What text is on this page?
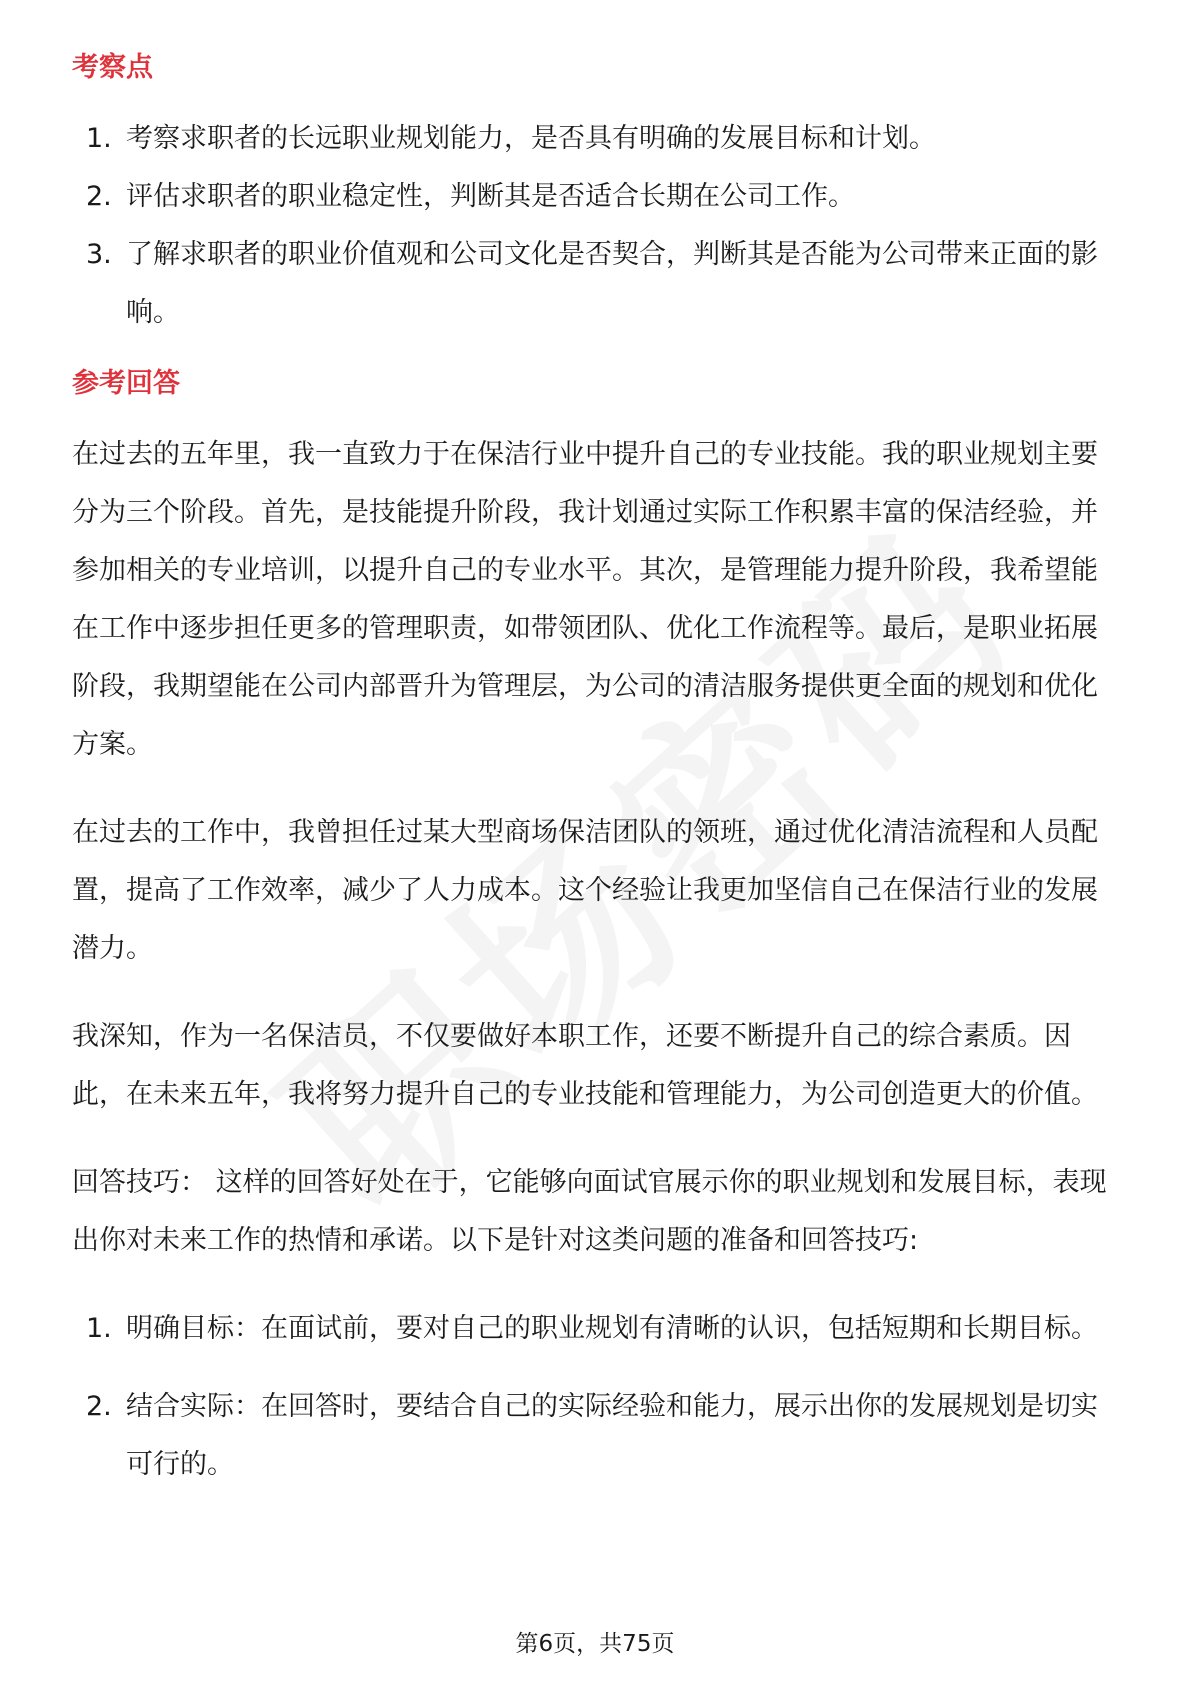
考察点
1. 考察求职者的长远职业规划能力，是否具有明确的发展目标和计划。
2. 评估求职者的职业稳定性，判断其是否适合长期在公司工作。
3. 了解求职者的职业价值观和公司文化是否契合，判断其是否能为公司带来正面的影响。
参考回答

在过去的五年里，我一直致力于在保洁行业中提升自己的专业技能。我的职业规划主要分为三个阶段。首先，是技能提升阶段，我计划通过实际工作积累丰富的保洁经验，并参加相关的专业培训，以提升自己的专业水平。其次，是管理能力提升阶段，我希望能在工作中逐步担任更多的管理职责，如带领团队、优化工作流程等。最后，是职业拓展阶段，我期望能在公司内部晋升为管理层，为公司的清洁服务提供更全面的规划和优化方案。

在过去的工作中，我曾担任过某大型商场保洁团队的领班，通过优化清洁流程和人员配置，提高了工作效率，减少了人力成本。这个经验让我更加坚信自己在保洁行业的发展潜力。

我深知，作为一名保洁员，不仅要做好本职工作，还要不断提升自己的综合素质。因此，在未来五年，我将努力提升自己的专业技能和管理能力，为公司创造更大的价值。

回答技巧： 这样的回答好处在于，它能够向面试官展示你的职业规划和发展目标，表现出你对未来工作的热情和承诺。以下是针对这类问题的准备和回答技巧:

1. 明确目标：在面试前，要对自己的职业规划有清晰的认识，包括短期和长期目标。
2. 结合实际：在回答时，要结合自己的实际经验和能力，展示出你的发展规划是切实可行的。
第6页，共75页
